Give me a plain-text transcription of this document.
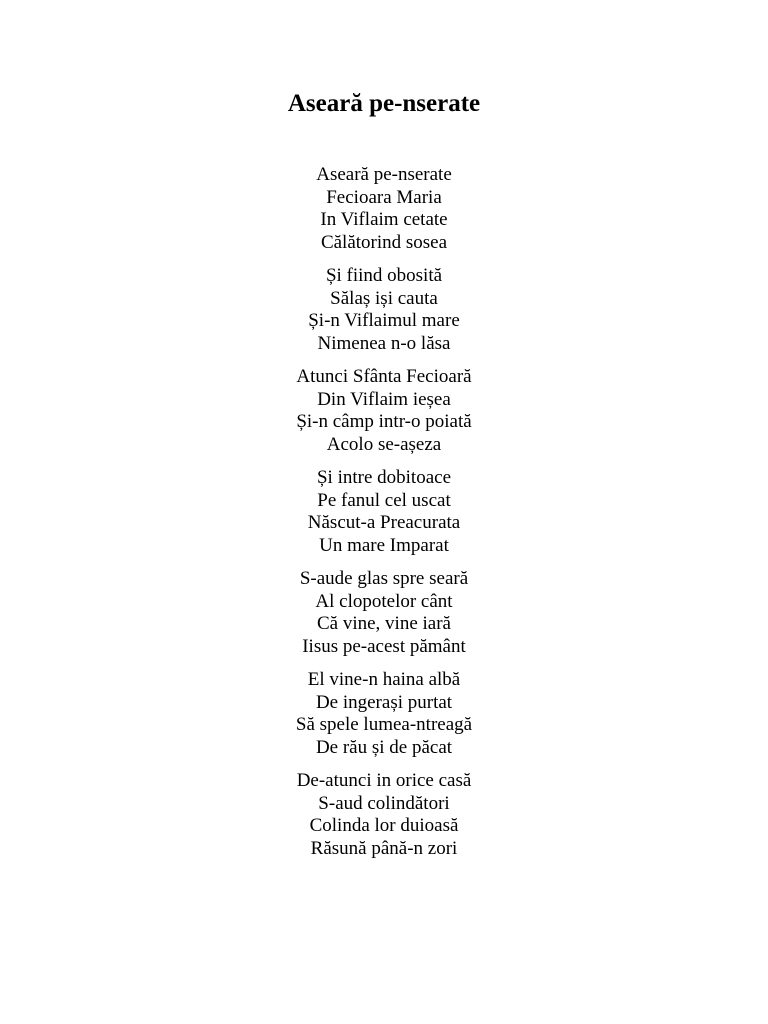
Aseară pe-nserate
Aseară pe-nserate
Fecioara Maria
In Viflaim cetate
Călătorind sosea
Și fiind obosită
Sălaș iși cauta
Și-n Viflaimul mare
Nimenea n-o lăsa
Atunci Sfânta Fecioară
Din Viflaim ieșea
Și-n câmp intr-o poiată
Acolo se-așeza
Și intre dobitoace
Pe fanul cel uscat
Născut-a Preacurata
Un mare Imparat
S-aude glas spre seară
Al clopotelor cânt
Că vine, vine iară
Iisus pe-acest pământ
El vine-n haina albă
De ingerași purtat
Să spele lumea-ntreagă
De rău și de păcat
De-atunci in orice casă
S-aud colindători
Colinda lor duioasă
Răsună până-n zori
